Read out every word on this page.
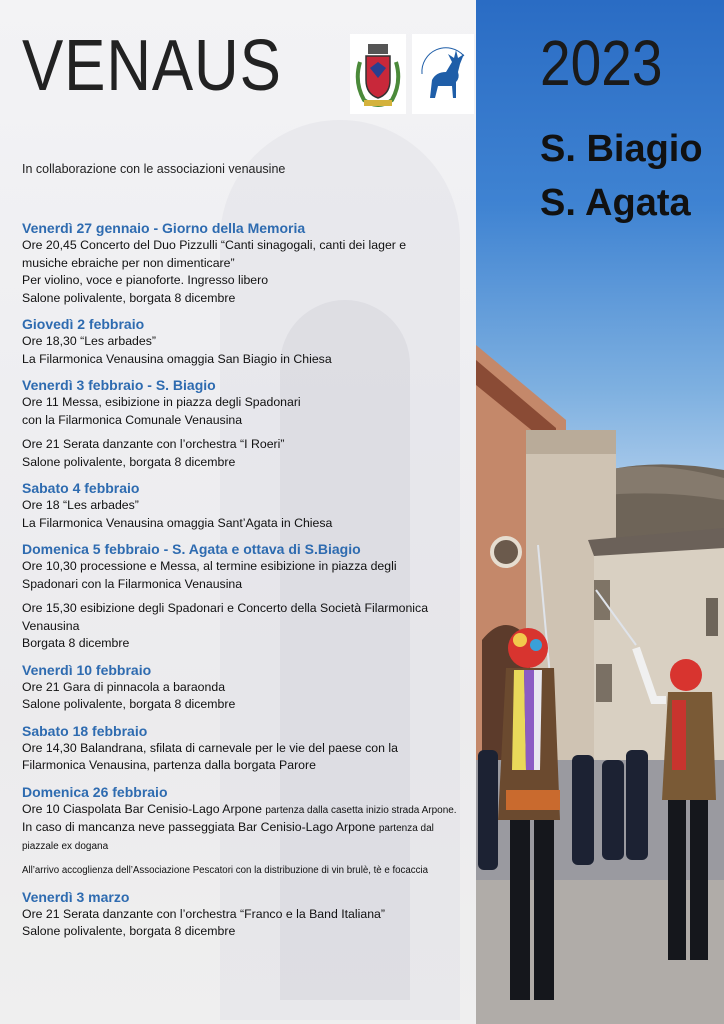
VENAUS
In collaborazione con le associazioni venausine
Venerdì 27 gennaio - Giorno della Memoria
Ore 20,45 Concerto del Duo Pizzulli “Canti sinagogali, canti dei lager e
musiche ebraiche per non dimenticare”
Per violino, voce e pianoforte. Ingresso libero
Salone polivalente, borgata 8 dicembre
Giovedì 2 febbraio
Ore 18,30 “Les arbades”
La Filarmonica Venausina omaggia San Biagio in Chiesa
Venerdì 3 febbraio - S. Biagio
Ore 11 Messa, esibizione in piazza degli Spadonari
con la Filarmonica Comunale Venausina
Ore 21 Serata danzante con l’orchestra “I Roeri”
Salone polivalente, borgata 8 dicembre
Sabato 4 febbraio
Ore 18 “Les arbades”
La Filarmonica Venausina omaggia Sant’Agata in Chiesa
Domenica 5 febbraio - S. Agata e ottava di S.Biagio
Ore 10,30 processione e Messa, al termine esibizione in piazza degli
Spadonari con la Filarmonica Venausina
Ore 15,30 esibizione degli Spadonari e Concerto della Società Filarmonica
Venausina
Borgata 8 dicembre
Venerdì 10 febbraio
Ore 21 Gara di pinnacola a baraonda
Salone polivalente, borgata 8 dicembre
Sabato 18 febbraio
Ore 14,30 Balandrana, sfilata di carnevale per le vie del paese con la
Filarmonica Venausina, partenza dalla borgata Parore
Domenica 26 febbraio
Ore 10 Ciaspolata Bar Cenisio-Lago Arpone partenza dalla casetta inizio strada Arpone.
In caso di mancanza neve passeggiata Bar Cenisio-Lago Arpone partenza dal
piazzale ex dogana
All’arrivo accoglienza dell’Associazione Pescatori con la distribuzione di vin brulè, tè e focaccia
Venerdì 3 marzo
Ore 21 Serata danzante con l’orchestra “Franco e la Band Italiana”
Salone polivalente, borgata 8 dicembre
2023
S. Biagio
S. Agata
